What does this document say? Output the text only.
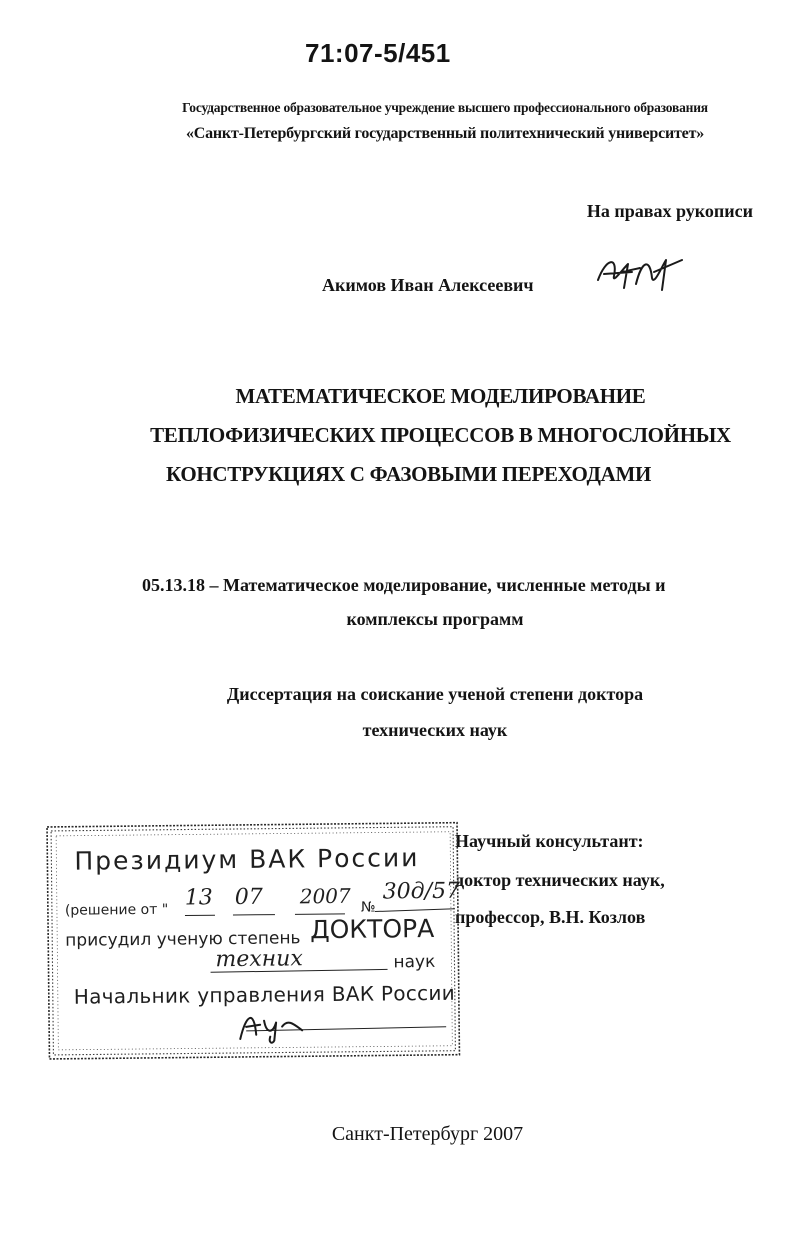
71:07-5/451
Государственное образовательное учреждение высшего профессионального образования
«Санкт-Петербургский государственный политехнический университет»
На правах рукописи
Акимов Иван Алексеевич
МАТЕМАТИЧЕСКОЕ МОДЕЛИРОВАНИЕ
ТЕПЛОФИЗИЧЕСКИХ ПРОЦЕССОВ В МНОГОСЛОЙНЫХ
КОНСТРУКЦИЯХ С ФАЗОВЫМИ ПЕРЕХОДАМИ
05.13.18 – Математическое моделирование, численные методы и
комплексы программ
Диссертация на соискание ученой степени доктора
технических наук
Научный консультант:
доктор технических наук,
профессор, В.Н. Козлов
Президиум ВАК России
(решение от " 13 07 2007 №
30д/57
присудил ученую степень ДОКТОРА
техних	наук
Начальник управления ВАК России
Санкт-Петербург 2007
